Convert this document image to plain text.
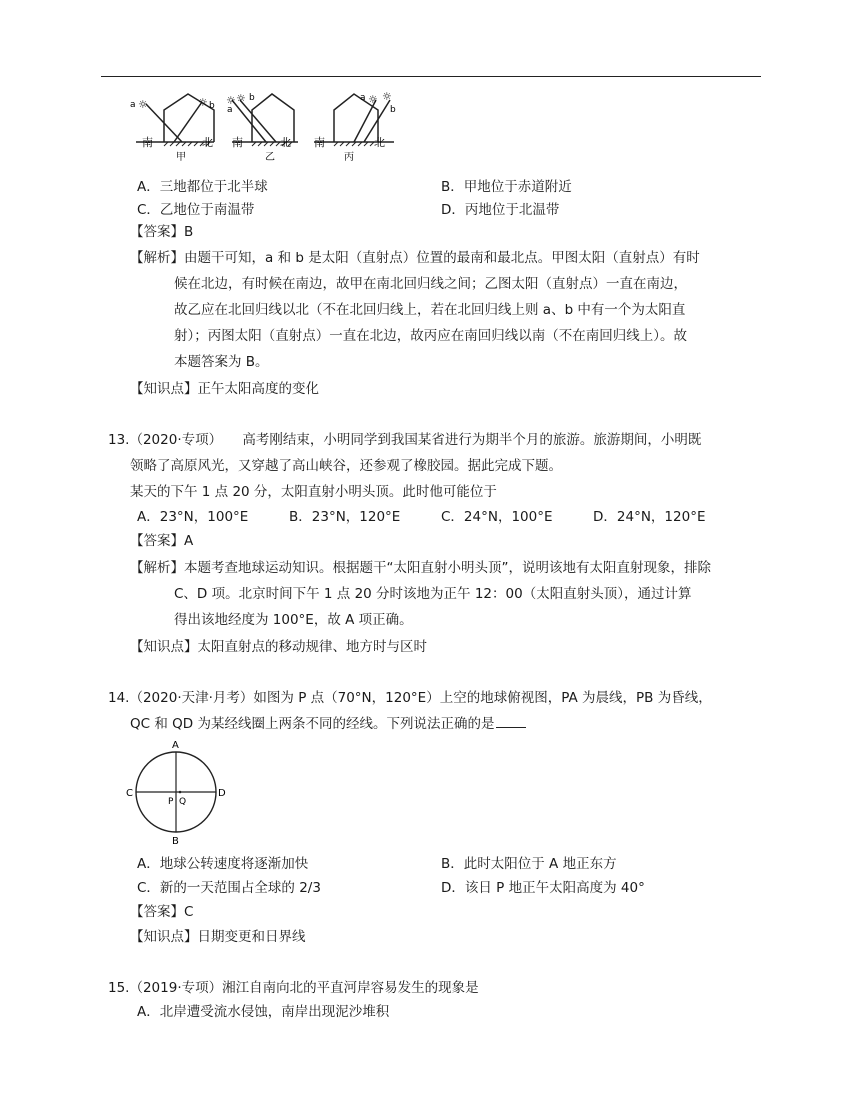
a ☼	☼ b
南	北
甲
☼
a
☼ b
南	北
乙
a ☼ ☼
b
南	北
丙
A．三地都位于北半球	B．甲地位于赤道附近
C．乙地位于南温带	D．丙地位于北温带
【答案】B
【解析】由题干可知，a 和 b 是太阳（直射点）位置的最南和最北点。甲图太阳（直射点）有时
候在北边，有时候在南边，故甲在南北回归线之间；乙图太阳（直射点）一直在南边，
故乙应在北回归线以北（不在北回归线上，若在北回归线上则 a、b 中有一个为太阳直
射）；丙图太阳（直射点）一直在北边，故丙应在南回归线以南（不在南回归线上）。故
本题答案为 B。
【知识点】正午太阳高度的变化
13.（2020·专项）　　高考刚结束，小明同学到我国某省进行为期半个月的旅游。旅游期间，小明既
领略了高原风光，又穿越了高山峡谷，还参观了橡胶园。据此完成下题。
某天的下午 1 点 20 分，太阳直射小明头顶。此时他可能位于
A．23°N，100°E	B．23°N，120°E	C．24°N，100°E	D．24°N，120°E
【答案】A
【解析】本题考查地球运动知识。根据题干“太阳直射小明头顶”，说明该地有太阳直射现象，排除
C、D 项。北京时间下午 1 点 20 分时该地为正午 12：00（太阳直射头顶），通过计算
得出该地经度为 100°E，故 A 项正确。
【知识点】太阳直射点的移动规律、地方时与区时
14.（2020·天津·月考）如图为 P 点（70°N，120°E）上空的地球俯视图，PA 为晨线，PB 为昏线，
QC 和 QD 为某经线圈上两条不同的经线。下列说法正确的是
A
B
C	D
P Q
A．地球公转速度将逐渐加快	B．此时太阳位于 A 地正东方
C．新的一天范围占全球的 2/3	D．该日 P 地正午太阳高度为 40°
【答案】C
【知识点】日期变更和日界线
15.（2019·专项）湘江自南向北的平直河岸容易发生的现象是
A．北岸遭受流水侵蚀，南岸出现泥沙堆积
